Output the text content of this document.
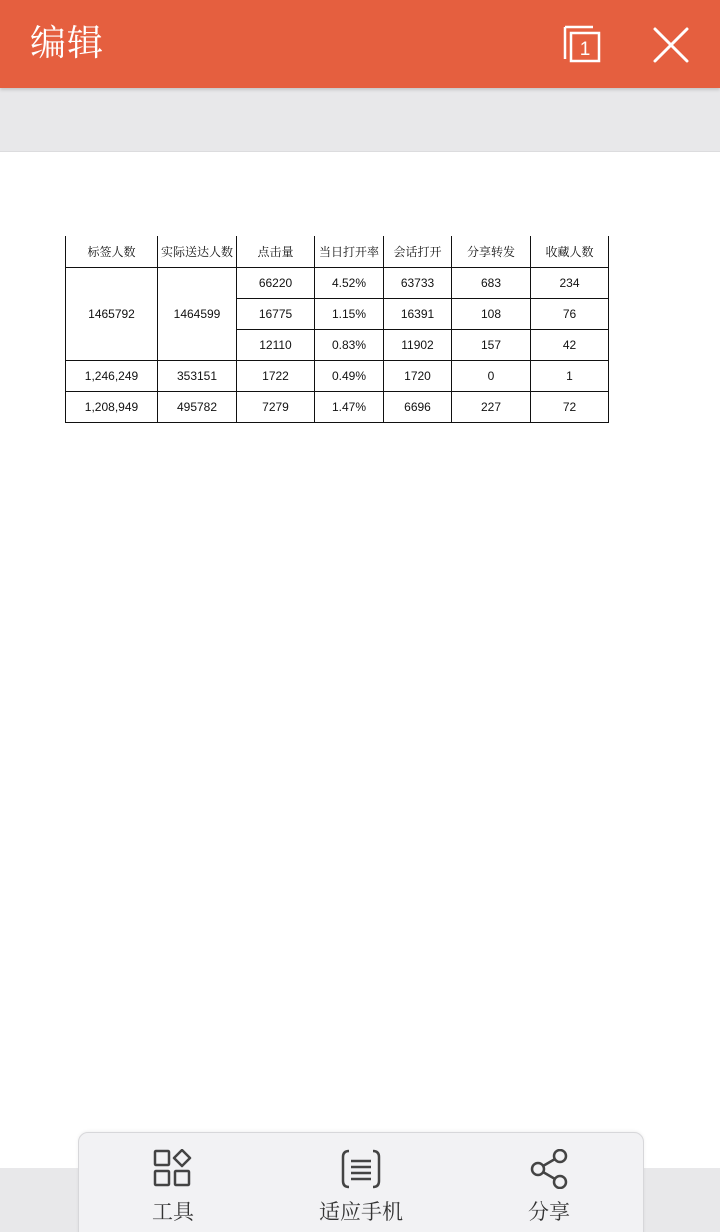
编辑	1
标签人数	实际送达人数	点击量	当日打开率	会话打开	分享转发	收藏人数
1465792	1464599	66220	4.52%	63733	683	234
		16775	1.15%	16391	108	76
		12110	0.83%	11902	157	42
1,246,249	353151	1722	0.49%	1720	0	1
1,208,949	495782	7279	1.47%	6696	227	72
工具	适应手机	分享
